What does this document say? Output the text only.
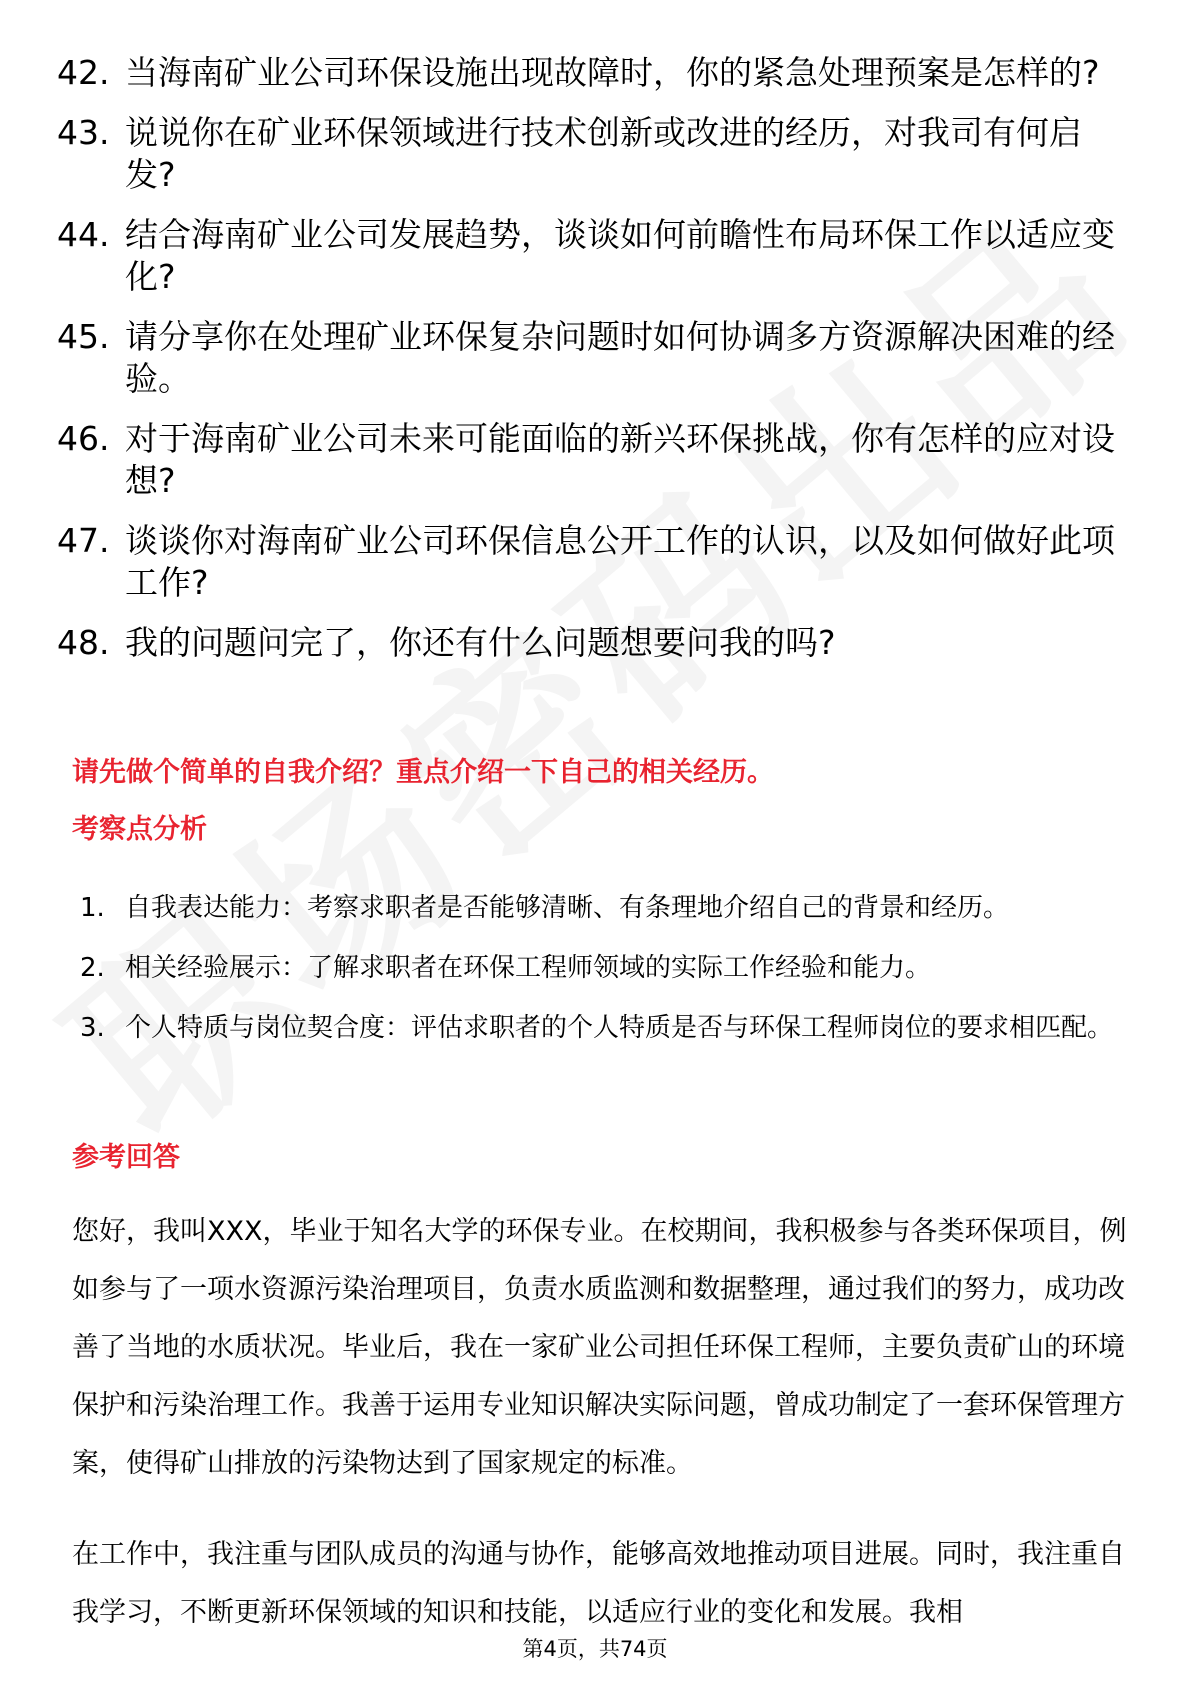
42. 当海南矿业公司环保设施出现故障时，你的紧急处理预案是怎样的?
43. 说说你在矿业环保领域进行技术创新或改进的经历，对我司有何启发?
44. 结合海南矿业公司发展趋势，谈谈如何前瞻性布局环保工作以适应变化?
45. 请分享你在处理矿业环保复杂问题时如何协调多方资源解决困难的经验。
46. 对于海南矿业公司未来可能面临的新兴环保挑战，你有怎样的应对设想?
47. 谈谈你对海南矿业公司环保信息公开工作的认识，以及如何做好此项工作?
48. 我的问题问完了，你还有什么问题想要问我的吗?
请先做个简单的自我介绍？重点介绍一下自己的相关经历。
考察点分析
1. 自我表达能力：考察求职者是否能够清晰、有条理地介绍自己的背景和经历。
2. 相关经验展示：了解求职者在环保工程师领域的实际工作经验和能力。
3. 个人特质与岗位契合度：评估求职者的个人特质是否与环保工程师岗位的要求相匹配。
参考回答
您好，我叫XXX，毕业于知名大学的环保专业。在校期间，我积极参与各类环保项目，例如参与了一项水资源污染治理项目，负责水质监测和数据整理，通过我们的努力，成功改善了当地的水质状况。毕业后，我在一家矿业公司担任环保工程师，主要负责矿山的环境保护和污染治理工作。我善于运用专业知识解决实际问题，曾成功制定了一套环保管理方案，使得矿山排放的污染物达到了国家规定的标准。
在工作中，我注重与团队成员的沟通与协作，能够高效地推动项目进展。同时，我注重自我学习，不断更新环保领域的知识和技能，以适应行业的变化和发展。我相
第4页，共74页
